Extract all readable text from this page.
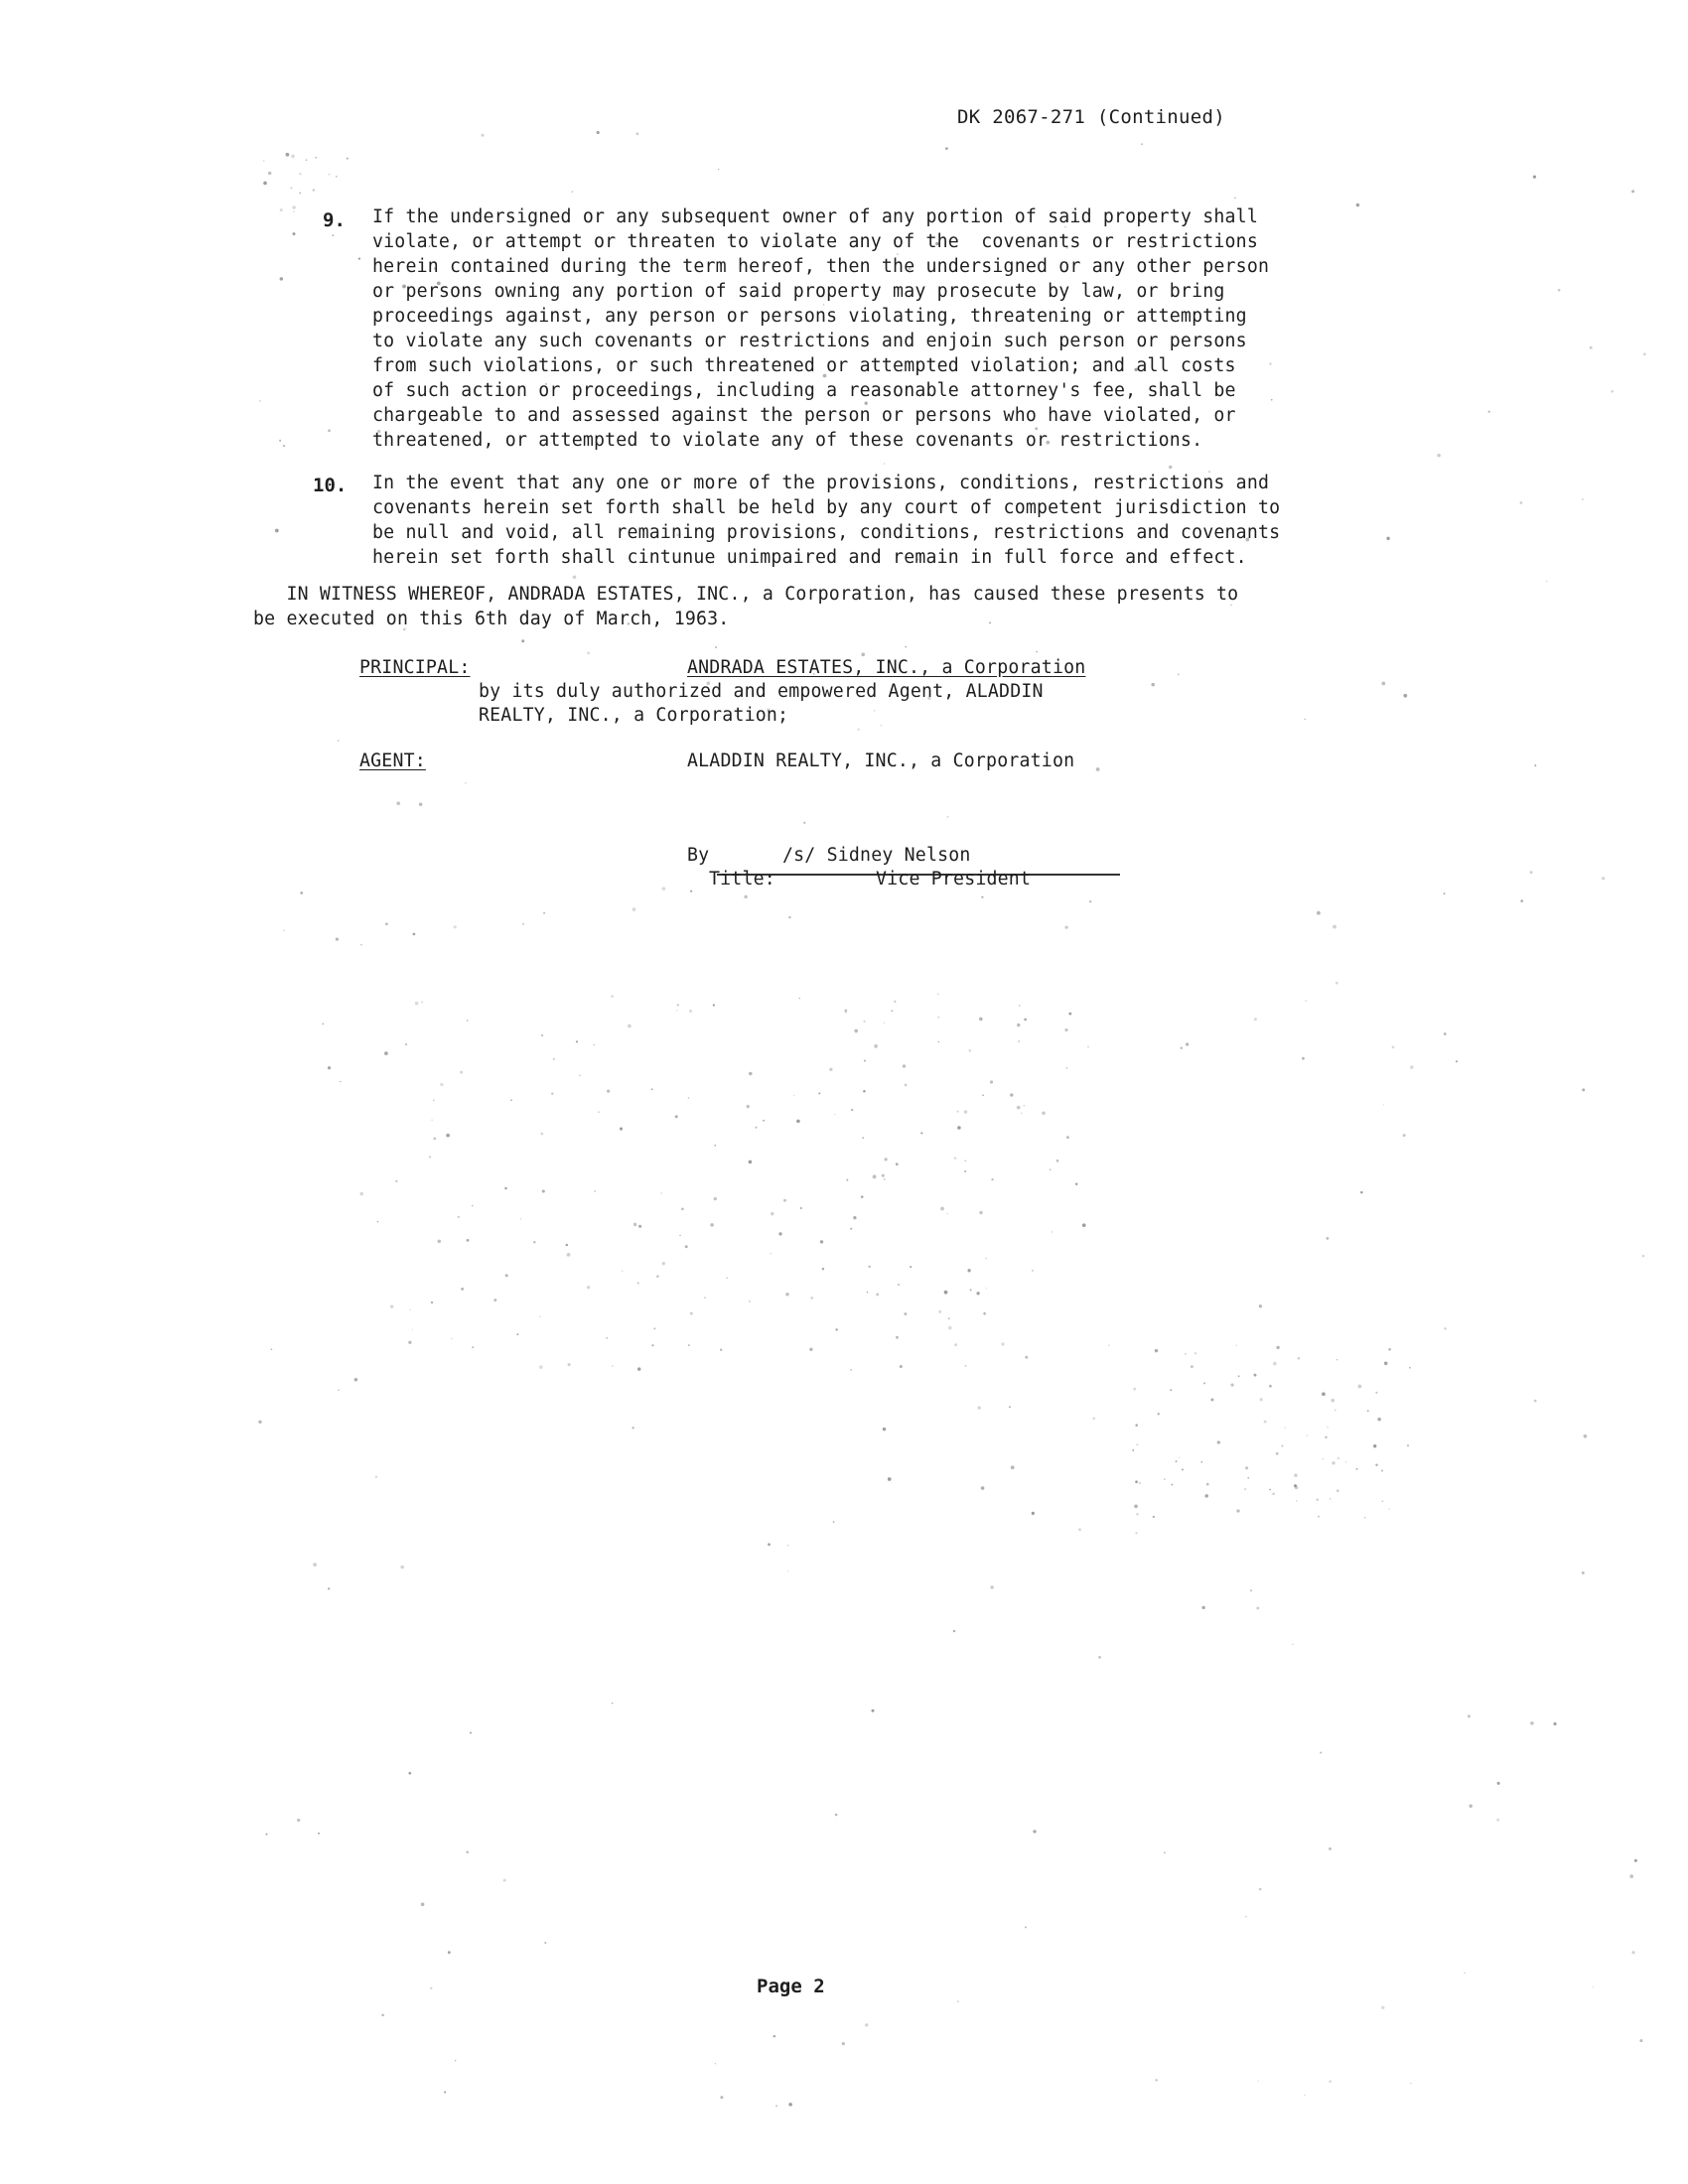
DK 2067-271 (Continued)
9. If the undersigned or any subsequent owner of any portion of said property shall
violate, or attempt or threaten to violate any of the  covenants or restrictions
herein contained during the term hereof, then the undersigned or any other person
or persons owning any portion of said property may prosecute by law, or bring
proceedings against, any person or persons violating, threatening or attempting
to violate any such covenants or restrictions and enjoin such person or persons
from such violations, or such threatened or attempted violation; and all costs
of such action or proceedings, including a reasonable attorney's fee, shall be
chargeable to and assessed against the person or persons who have violated, or
threatened, or attempted to violate any of these covenants or restrictions.
10. In the event that any one or more of the provisions, conditions, restrictions and
covenants herein set forth shall be held by any court of competent jurisdiction to
be null and void, all remaining provisions, conditions, restrictions and covenants
herein set forth shall cintunue unimpaired and remain in full force and effect.
IN WITNESS WHEREOF, ANDRADA ESTATES, INC., a Corporation, has caused these presents to
be executed on this 6th day of March, 1963.
PRINCIPAL:	ANDRADA ESTATES, INC., a Corporation
by its duly authorized and empowered Agent, ALADDIN
REALTY, INC., a Corporation;
AGENT:	ALADDIN REALTY, INC., a Corporation
By	/s/ Sidney Nelson
Title:	Vice President
Page 2
